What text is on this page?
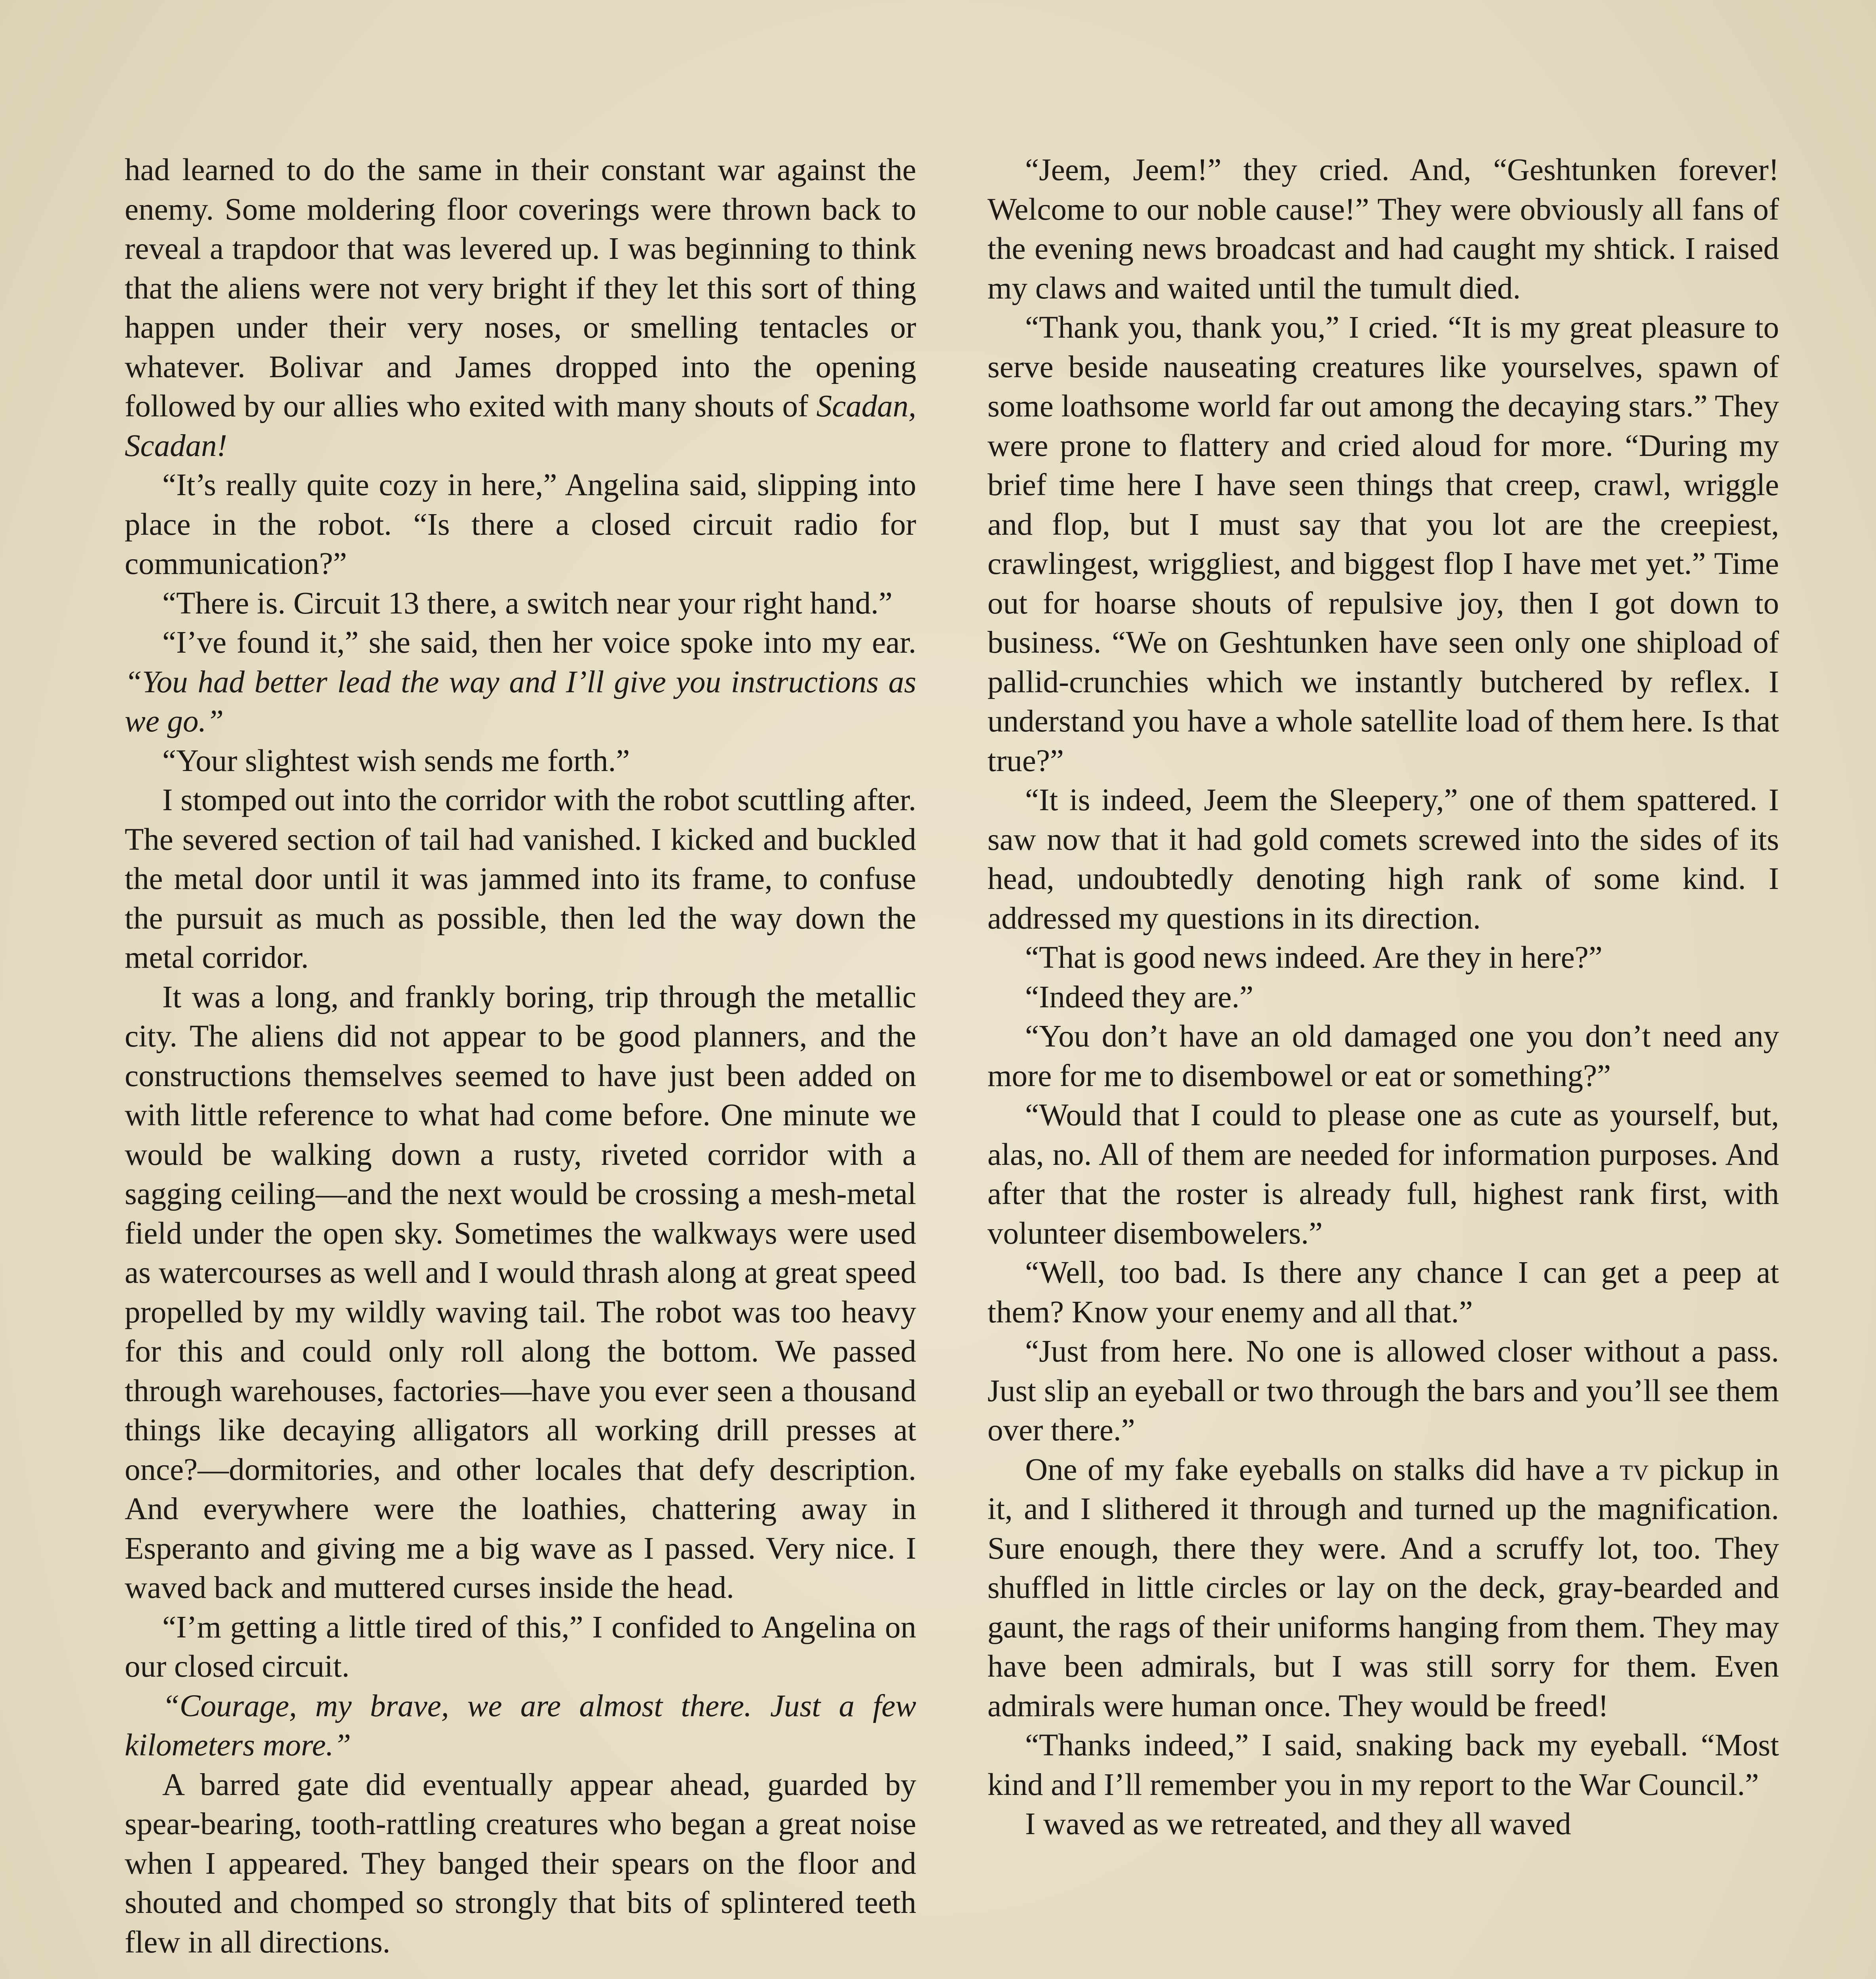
had learned to do the same in their constant war against the enemy. Some moldering floor coverings were thrown back to reveal a trapdoor that was levered up. I was beginning to think that the aliens were not very bright if they let this sort of thing happen under their very noses, or smelling tentacles or whatever. Bolivar and James dropped into the opening followed by our allies who exited with many shouts of Scadan, Scadan!

“It’s really quite cozy in here,” Angelina said, slipping into place in the robot. “Is there a closed circuit radio for communication?”

“There is. Circuit 13 there, a switch near your right hand.”

“I’ve found it,” she said, then her voice spoke into my ear. “You had better lead the way and I’ll give you instructions as we go.”

“Your slightest wish sends me forth.”

I stomped out into the corridor with the robot scuttling after. The severed section of tail had vanished. I kicked and buckled the metal door until it was jammed into its frame, to confuse the pursuit as much as possible, then led the way down the metal corridor.

It was a long, and frankly boring, trip through the metallic city. The aliens did not appear to be good planners, and the constructions themselves seemed to have just been added on with little reference to what had come before. One minute we would be walking down a rusty, riveted corridor with a sagging ceiling—and the next would be crossing a mesh-metal field under the open sky. Sometimes the walkways were used as watercourses as well and I would thrash along at great speed propelled by my wildly waving tail. The robot was too heavy for this and could only roll along the bottom. We passed through warehouses, factories—have you ever seen a thousand things like decaying alligators all working drill presses at once?—dormitories, and other locales that defy description. And everywhere were the loathies, chattering away in Esperanto and giving me a big wave as I passed. Very nice. I waved back and muttered curses inside the head.

“I’m getting a little tired of this,” I confided to Angelina on our closed circuit.

“Courage, my brave, we are almost there. Just a few kilometers more.”

A barred gate did eventually appear ahead, guarded by spear-bearing, tooth-rattling creatures who began a great noise when I appeared. They banged their spears on the floor and shouted and chomped so strongly that bits of splintered teeth flew in all directions.

“Jeem, Jeem!” they cried. And, “Geshtunken forever! Welcome to our noble cause!” They were obviously all fans of the evening news broadcast and had caught my shtick. I raised my claws and waited until the tumult died.

“Thank you, thank you,” I cried. “It is my great pleasure to serve beside nauseating creatures like yourselves, spawn of some loathsome world far out among the decaying stars.” They were prone to flattery and cried aloud for more. “During my brief time here I have seen things that creep, crawl, wriggle and flop, but I must say that you lot are the creepiest, crawlingest, wriggliest, and biggest flop I have met yet.” Time out for hoarse shouts of repulsive joy, then I got down to business. “We on Geshtunken have seen only one shipload of pallid-crunchies which we instantly butchered by reflex. I understand you have a whole satellite load of them here. Is that true?”

“It is indeed, Jeem the Sleepery,” one of them spattered. I saw now that it had gold comets screwed into the sides of its head, undoubtedly denoting high rank of some kind. I addressed my questions in its direction.

“That is good news indeed. Are they in here?”

“Indeed they are.”

“You don’t have an old damaged one you don’t need any more for me to disembowel or eat or something?”

“Would that I could to please one as cute as yourself, but, alas, no. All of them are needed for information purposes. And after that the roster is already full, highest rank first, with volunteer disembowelers.”

“Well, too bad. Is there any chance I can get a peep at them? Know your enemy and all that.”

“Just from here. No one is allowed closer without a pass. Just slip an eyeball or two through the bars and you’ll see them over there.”

One of my fake eyeballs on stalks did have a tv pickup in it, and I slithered it through and turned up the magnification. Sure enough, there they were. And a scruffy lot, too. They shuffled in little circles or lay on the deck, gray-bearded and gaunt, the rags of their uniforms hanging from them. They may have been admirals, but I was still sorry for them. Even admirals were human once. They would be freed!

“Thanks indeed,” I said, snaking back my eyeball. “Most kind and I’ll remember you in my report to the War Council.”

I waved as we retreated, and they all waved
